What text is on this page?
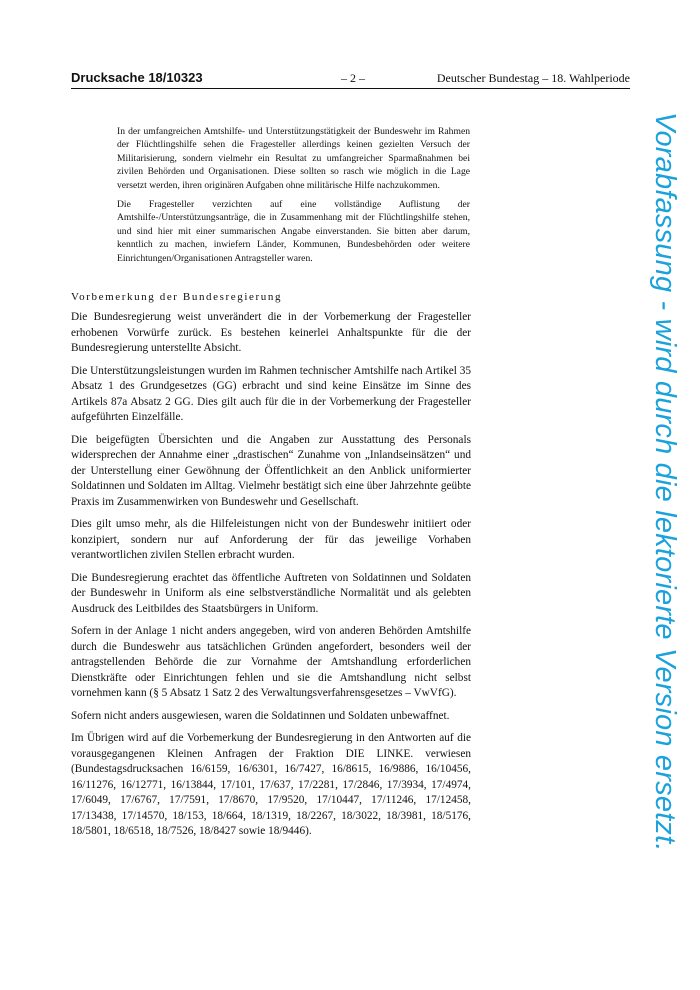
Drucksache 18/10323	– 2 –	Deutscher Bundestag – 18. Wahlperiode

In der umfangreichen Amtshilfe- und Unterstützungstätigkeit der Bundeswehr im Rahmen der Flüchtlingshilfe sehen die Fragesteller allerdings keinen gezielten Versuch der Militarisierung, sondern vielmehr ein Resultat zu umfangreicher Sparmaßnahmen bei zivilen Behörden und Organisationen. Diese sollten so rasch wie möglich in die Lage versetzt werden, ihren originären Aufgaben ohne militärische Hilfe nachzukommen.

Die Fragesteller verzichten auf eine vollständige Auflistung der Amtshilfe-/Unterstützungsanträge, die in Zusammenhang mit der Flüchtlingshilfe stehen, und sind hier mit einer summarischen Angabe einverstanden. Sie bitten aber darum, kenntlich zu machen, inwiefern Länder, Kommunen, Bundesbehörden oder weitere Einrichtungen/Organisationen Antragsteller waren.

Vorbemerkung der Bundesregierung

Die Bundesregierung weist unverändert die in der Vorbemerkung der Fragesteller erhobenen Vorwürfe zurück. Es bestehen keinerlei Anhaltspunkte für die der Bundesregierung unterstellte Absicht.

Die Unterstützungsleistungen wurden im Rahmen technischer Amtshilfe nach Artikel 35 Absatz 1 des Grundgesetzes (GG) erbracht und sind keine Einsätze im Sinne des Artikels 87a Absatz 2 GG. Dies gilt auch für die in der Vorbemerkung der Fragesteller aufgeführten Einzelfälle.

Die beigefügten Übersichten und die Angaben zur Ausstattung des Personals widersprechen der Annahme einer „drastischen“ Zunahme von „Inlandseinsätzen“ und der Unterstellung einer Gewöhnung der Öffentlichkeit an den Anblick uniformierter Soldatinnen und Soldaten im Alltag. Vielmehr bestätigt sich eine über Jahrzehnte geübte Praxis im Zusammenwirken von Bundeswehr und Gesellschaft.

Dies gilt umso mehr, als die Hilfeleistungen nicht von der Bundeswehr initiiert oder konzipiert, sondern nur auf Anforderung der für das jeweilige Vorhaben verantwortlichen zivilen Stellen erbracht wurden.

Die Bundesregierung erachtet das öffentliche Auftreten von Soldatinnen und Soldaten der Bundeswehr in Uniform als eine selbstverständliche Normalität und als gelebten Ausdruck des Leitbildes des Staatsbürgers in Uniform.

Sofern in der Anlage 1 nicht anders angegeben, wird von anderen Behörden Amtshilfe durch die Bundeswehr aus tatsächlichen Gründen angefordert, besonders weil der antragstellenden Behörde die zur Vornahme der Amtshandlung erforderlichen Dienstkräfte oder Einrichtungen fehlen und sie die Amtshandlung nicht selbst vornehmen kann (§ 5 Absatz 1 Satz 2 des Verwaltungsverfahrensgesetzes – VwVfG).

Sofern nicht anders ausgewiesen, waren die Soldatinnen und Soldaten unbewaffnet.

Im Übrigen wird auf die Vorbemerkung der Bundesregierung in den Antworten auf die vorausgegangenen Kleinen Anfragen der Fraktion DIE LINKE. verwiesen (Bundestagsdrucksachen 16/6159, 16/6301, 16/7427, 16/8615, 16/9886, 16/10456, 16/11276, 16/12771, 16/13844, 17/101, 17/637, 17/2281, 17/2846, 17/3934, 17/4974, 17/6049, 17/6767, 17/7591, 17/8670, 17/9520, 17/10447, 17/11246, 17/12458, 17/13438, 17/14570, 18/153, 18/664, 18/1319, 18/2267, 18/3022, 18/3981, 18/5176, 18/5801, 18/6518, 18/7526, 18/8427 sowie 18/9446).	Vorabfassung - wird durch die lektorierte Version ersetzt.
